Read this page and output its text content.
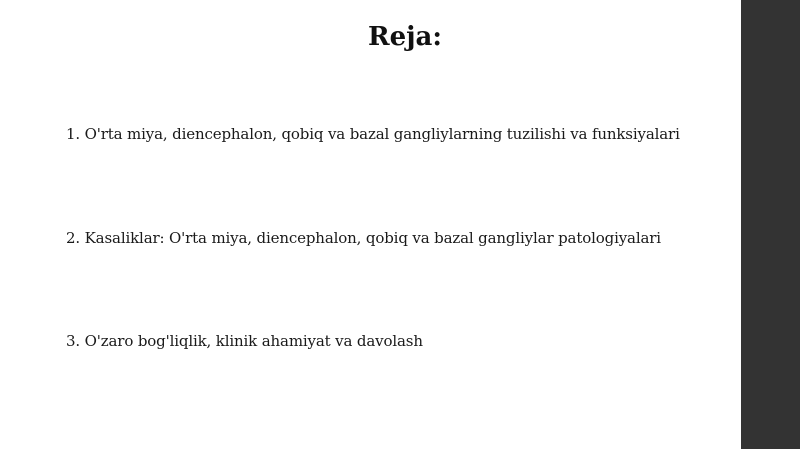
Reja:
1. O'rta miya, diencephalon, qobiq va bazal gangliylarning tuzilishi va funksiyalari
2. Kasaliklar: O'rta miya, diencephalon, qobiq va bazal gangliylar patologiyalari
3. O'zaro bog'liqlik, klinik ahamiyat va davolash
